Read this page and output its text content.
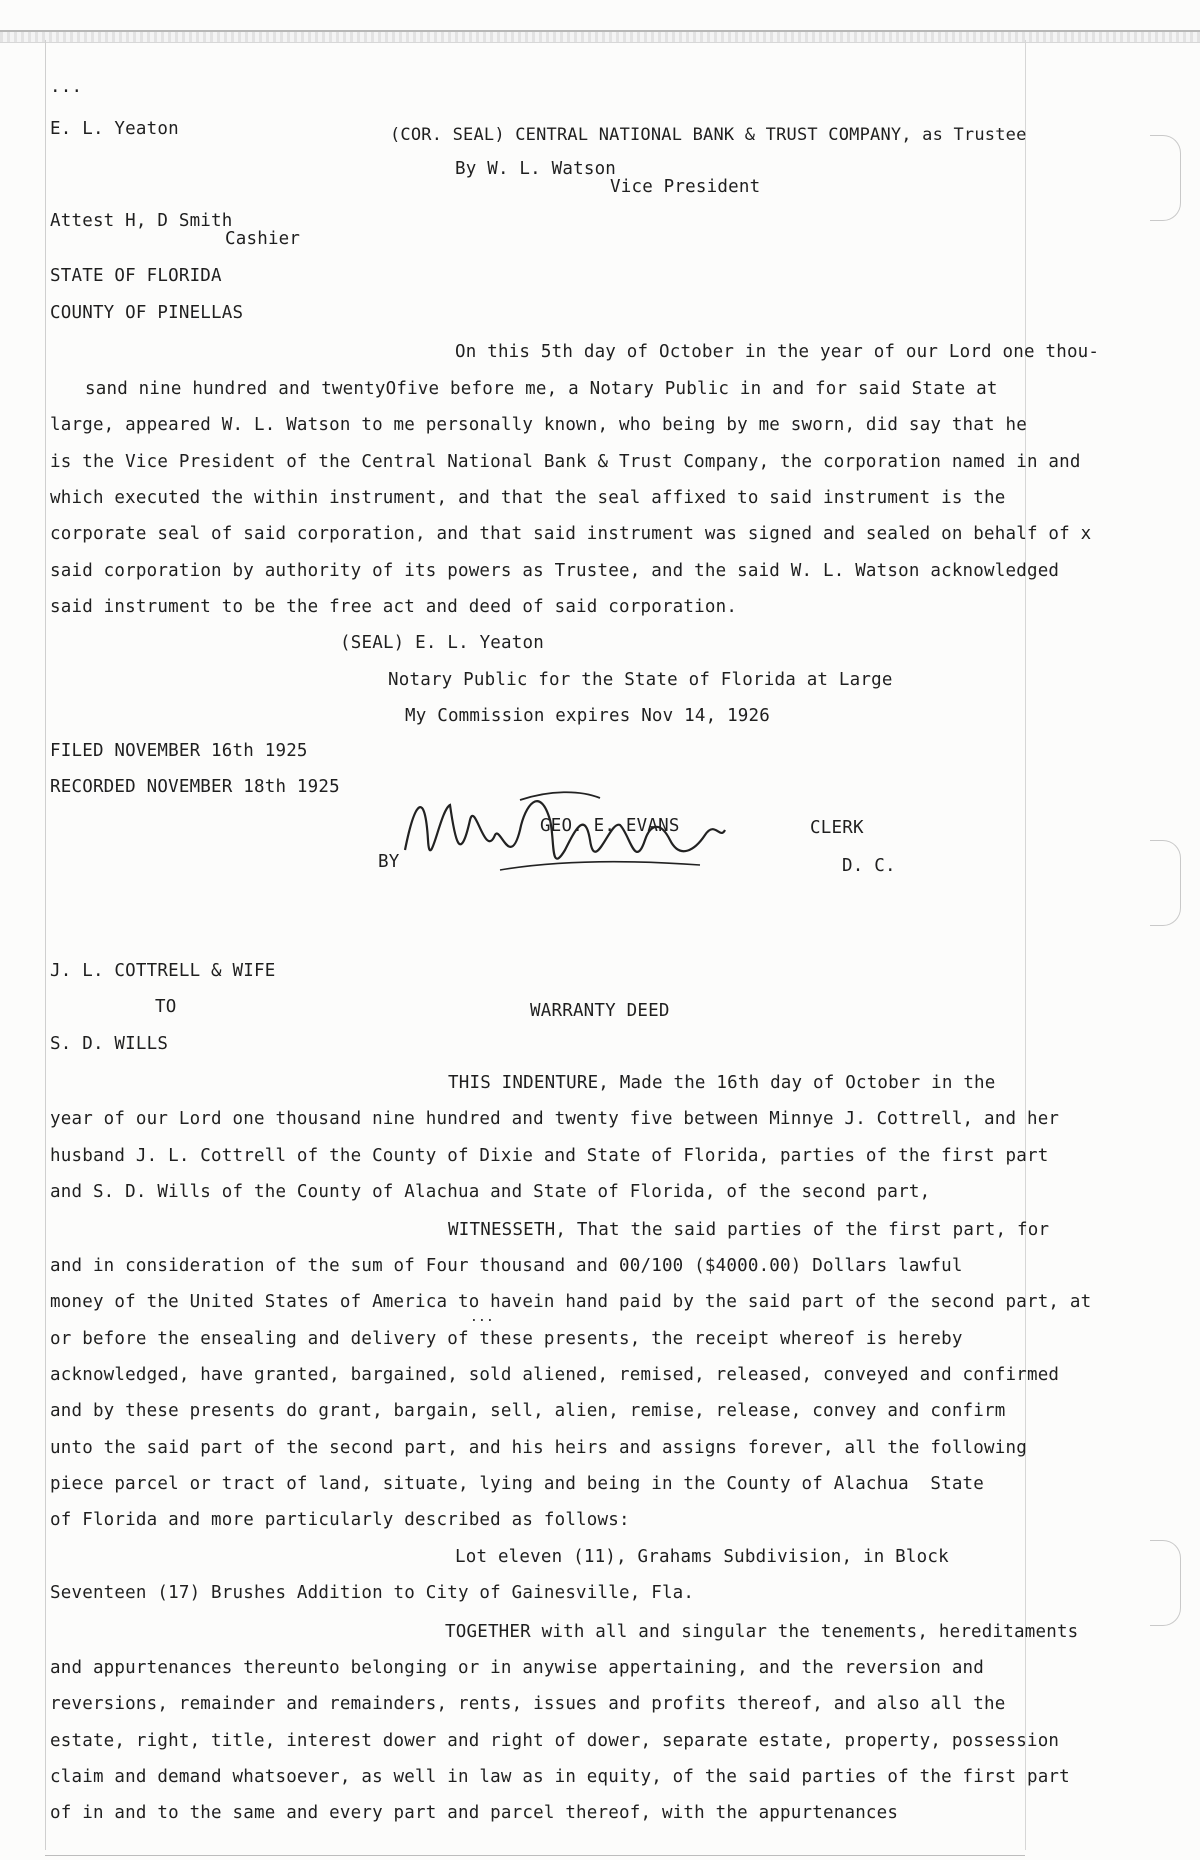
...
E. L. Yeaton	(COR. SEAL) CENTRAL NATIONAL BANK & TRUST COMPANY, as Trustee
By W. L. Watson
Vice President
Attest H, D Smith
Cashier
STATE OF FLORIDA
COUNTY OF PINELLAS
On this 5th day of October in the year of our Lord one thou-
sand nine hundred and twentyOfive before me, a Notary Public in and for said State at
large, appeared W. L. Watson to me personally known, who being by me sworn, did say that he
is the Vice President of the Central National Bank & Trust Company, the corporation named in and
which executed the within instrument, and that the seal affixed to said instrument is the
corporate seal of said corporation, and that said instrument was signed and sealed on behalf of x
said corporation by authority of its powers as Trustee, and the said W. L. Watson acknowledged
said instrument to be the free act and deed of said corporation.
(SEAL) E. L. Yeaton
Notary Public for the State of Florida at Large
My Commission expires Nov 14, 1926
FILED NOVEMBER 16th 1925
RECORDED NOVEMBER 18th 1925
GEO. E. EVANS	CLERK
BY	D. C.
J. L. COTTRELL & WIFE
TO	WARRANTY DEED
S. D. WILLS
THIS INDENTURE, Made the 16th day of October in the
year of our Lord one thousand nine hundred and twenty five between Minnye J. Cottrell, and her
husband J. L. Cottrell of the County of Dixie and State of Florida, parties of the first part
and S. D. Wills of the County of Alachua and State of Florida, of the second part,
WITNESSETH, That the said parties of the first part, for
and in consideration of the sum of Four thousand and 00/100 ($4000.00) Dollars lawful
money of the United States of America to havein hand paid by the said part of the second part, at
...
or before the ensealing and delivery of these presents, the receipt whereof is hereby
acknowledged, have granted, bargained, sold aliened, remised, released, conveyed and confirmed
and by these presents do grant, bargain, sell, alien, remise, release, convey and confirm
unto the said part of the second part, and his heirs and assigns forever, all the following
piece parcel or tract of land, situate, lying and being in the County of Alachua  State
of Florida and more particularly described as follows:
Lot eleven (11), Grahams Subdivision, in Block
Seventeen (17) Brushes Addition to City of Gainesville, Fla.
TOGETHER with all and singular the tenements, hereditaments
and appurtenances thereunto belonging or in anywise appertaining, and the reversion and
reversions, remainder and remainders, rents, issues and profits thereof, and also all the
estate, right, title, interest dower and right of dower, separate estate, property, possession
claim and demand whatsoever, as well in law as in equity, of the said parties of the first part
of in and to the same and every part and parcel thereof, with the appurtenances
